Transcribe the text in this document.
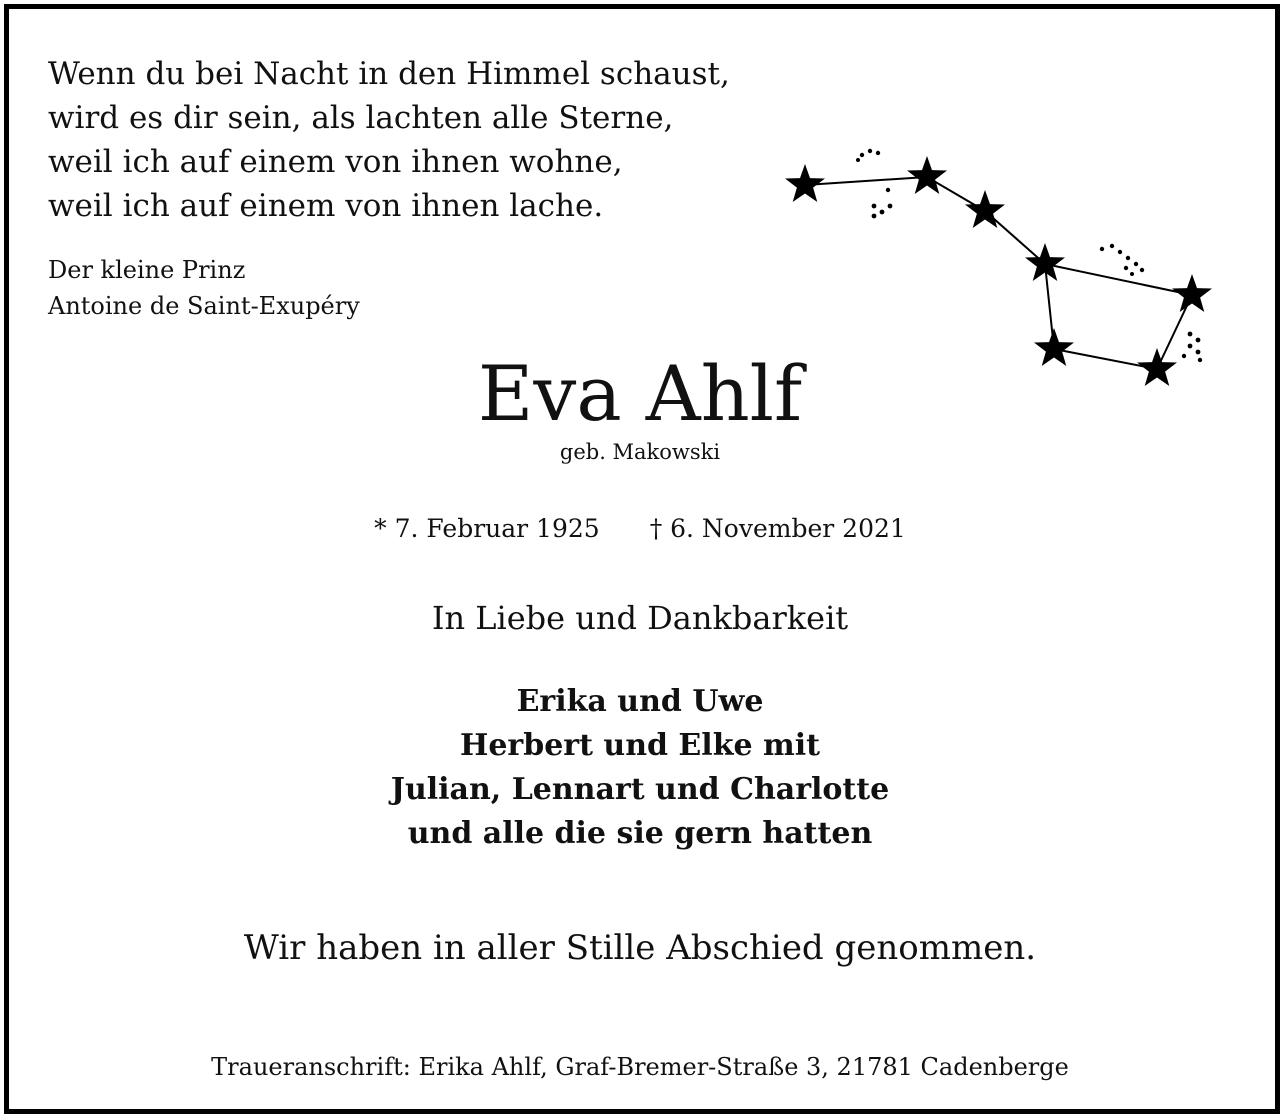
Wenn du bei Nacht in den Himmel schaust,
wird es dir sein, als lachten alle Sterne,
weil ich auf einem von ihnen wohne,
weil ich auf einem von ihnen lache.
Der kleine Prinz
Antoine de Saint-Exupéry
Eva Ahlf
geb. Makowski
* 7. Februar 1925 † 6. November 2021
In Liebe und Dankbarkeit
Erika und Uwe
Herbert und Elke mit
Julian, Lennart und Charlotte
und alle die sie gern hatten
Wir haben in aller Stille Abschied genommen.
Traueranschrift: Erika Ahlf, Graf-Bremer-Straße 3, 21781 Cadenberge
